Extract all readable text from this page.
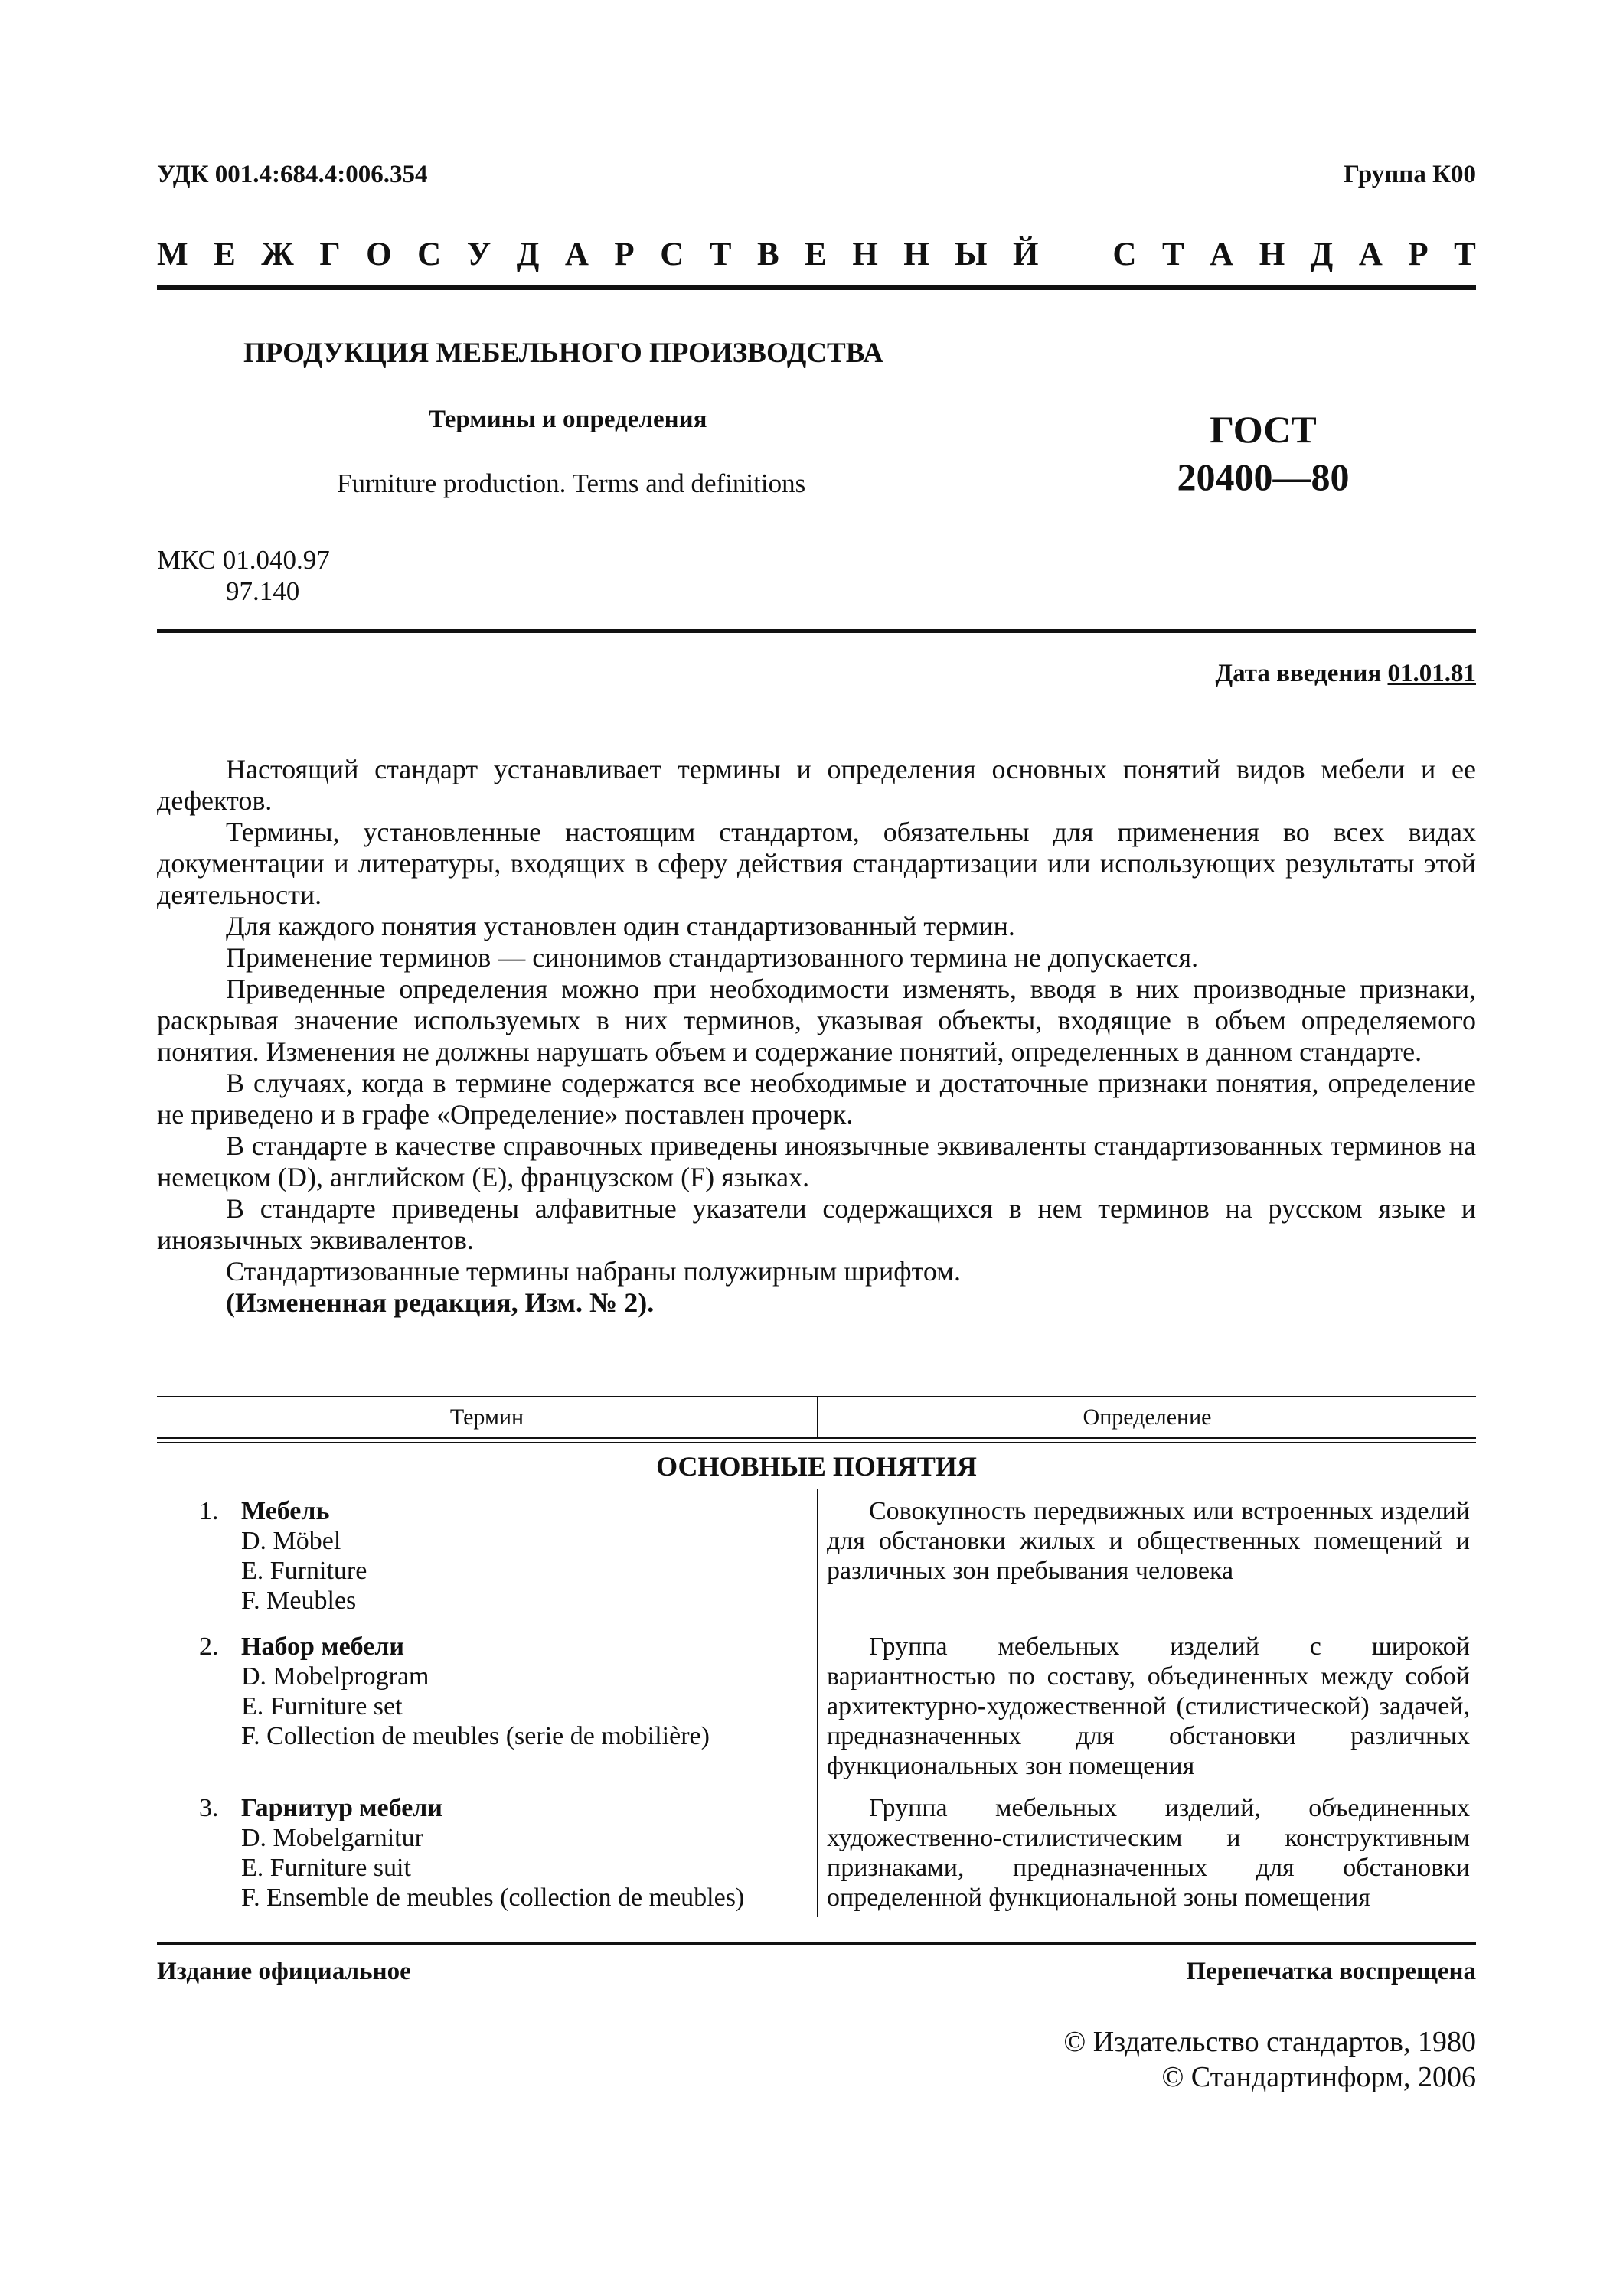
УДК 001.4:684.4:006.354	Группа К00
М Е Ж Г О С У Д А Р С Т В Е Н Н Ы Й С Т А Н Д А Р Т
ПРОДУКЦИЯ МЕБЕЛЬНОГО ПРОИЗВОДСТВА
Термины и определения
Furniture production. Terms and definitions
ГОСТ
20400—80
МКС 01.040.97
97.140
Дата введения 01.01.81

Настоящий стандарт устанавливает термины и определения основных понятий видов мебели и ее дефектов.

Термины, установленные настоящим стандартом, обязательны для применения во всех видах документации и литературы, входящих в сферу действия стандартизации или использующих результаты этой деятельности.

Для каждого понятия установлен один стандартизованный термин.

Применение терминов — синонимов стандартизованного термина не допускается.

Приведенные определения можно при необходимости изменять, вводя в них производные признаки, раскрывая значение используемых в них терминов, указывая объекты, входящие в объем определяемого понятия. Изменения не должны нарушать объем и содержание понятий, определенных в данном стандарте.

В случаях, когда в термине содержатся все необходимые и достаточные признаки понятия, определение не приведено и в графе «Определение» поставлен прочерк.

В стандарте в качестве справочных приведены иноязычные эквиваленты стандартизованных терминов на немецком (D), английском (E), французском (F) языках.

В стандарте приведены алфавитные указатели содержащихся в нем терминов на русском языке и иноязычных эквивалентов.

Стандартизованные термины набраны полужирным шрифтом.

(Измененная редакция, Изм. № 2).

Термин	Определение
ОСНОВНЫЕ ПОНЯТИЯ
1. Мебель
D. Möbel
E. Furniture
F. Meubles

Совокупность передвижных или встроенных изделий для обстановки жилых и общественных помещений и различных зон пребывания человека

2. Набор мебели
D. Mobelprogram
E. Furniture set
F. Collection de meubles (serie de mobilière)

Группа мебельных изделий с широкой вариантностью по составу, объединенных между собой архитектурно-художественной (стилистической) задачей, предназначенных для обстановки различных функциональных зон помещения

3. Гарнитур мебели
D. Mobelgarnitur
E. Furniture suit
F. Ensemble de meubles (collection de meubles)

Группа мебельных изделий, объединенных художественно-стилистическим и конструктивным признаками, предназначенных для обстановки определенной функциональной зоны помещения

Издание официальное	Перепечатка воспрещена
© Издательство стандартов, 1980
© Стандартинформ, 2006
